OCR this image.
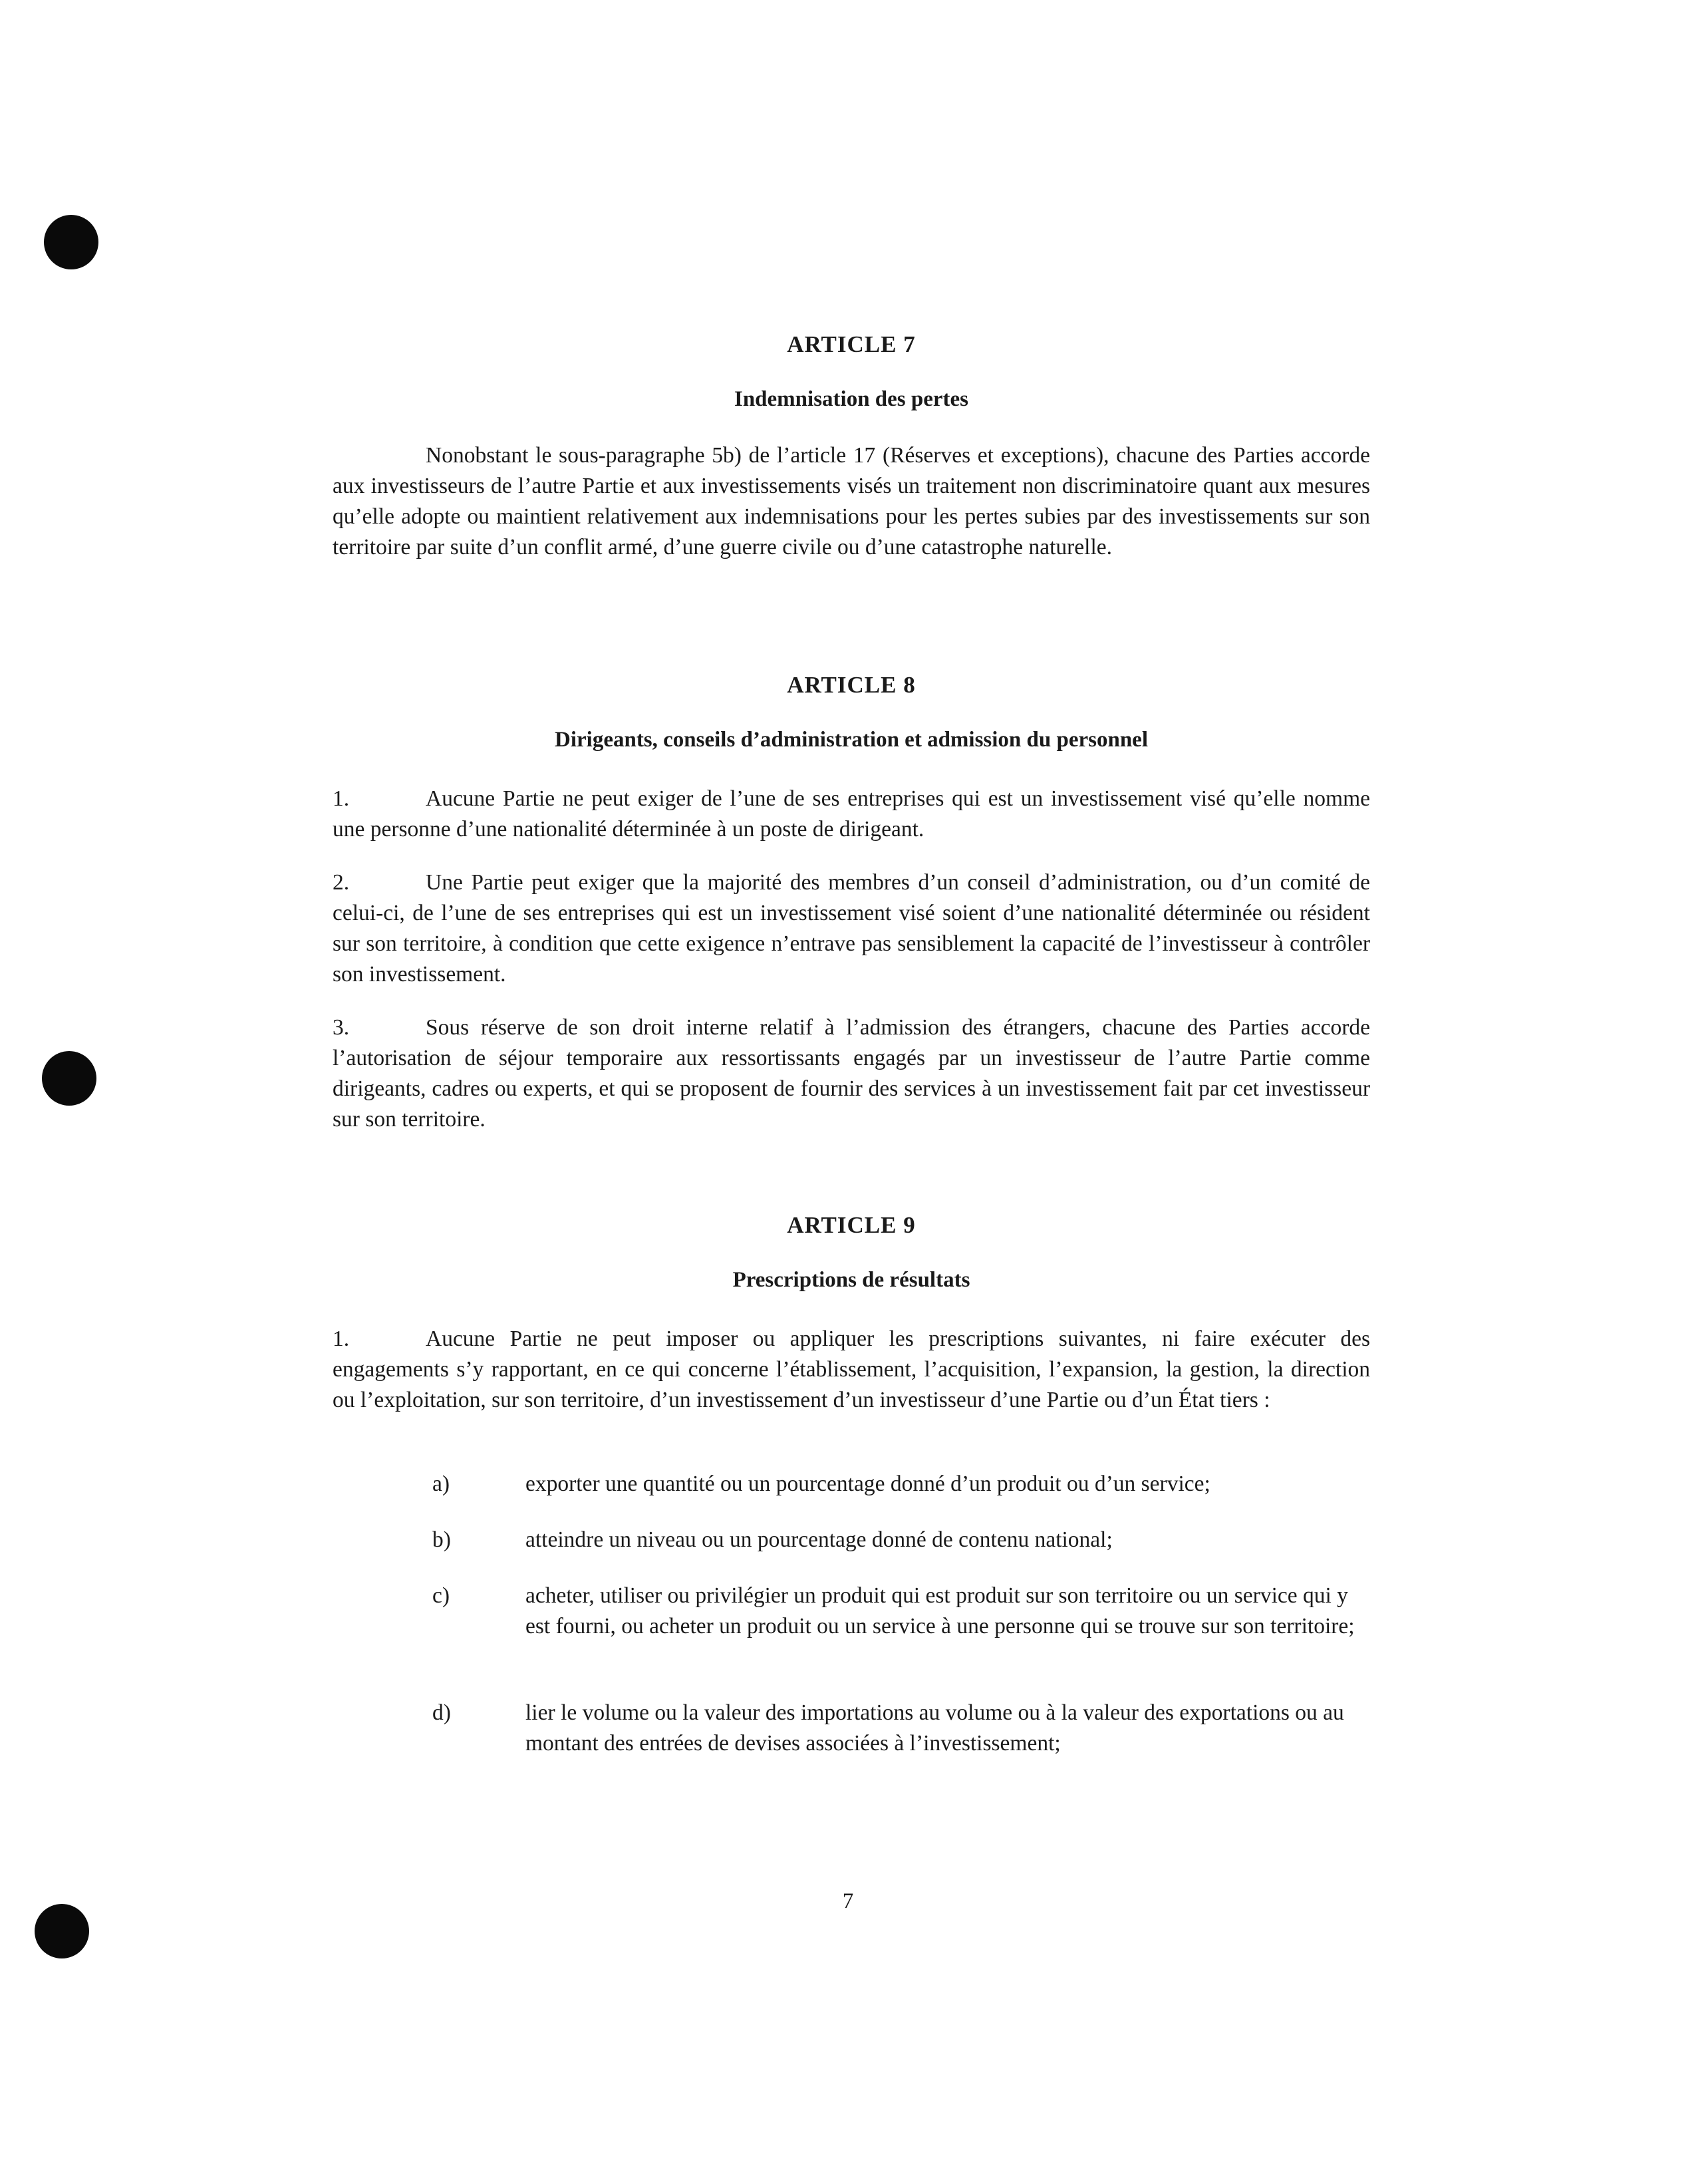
ARTICLE 7
Indemnisation des pertes
Nonobstant le sous-paragraphe 5b) de l’article 17 (Réserves et exceptions), chacune des Parties accorde aux investisseurs de l’autre Partie et aux investissements visés un traitement non discriminatoire quant aux mesures qu’elle adopte ou maintient relativement aux indemnisations pour les pertes subies par des investissements sur son territoire par suite d’un conflit armé, d’une guerre civile ou d’une catastrophe naturelle.
ARTICLE 8
Dirigeants, conseils d’administration et admission du personnel
1.	Aucune Partie ne peut exiger de l’une de ses entreprises qui est un investissement visé qu’elle nomme une personne d’une nationalité déterminée à un poste de dirigeant.
2.	Une Partie peut exiger que la majorité des membres d’un conseil d’administration, ou d’un comité de celui-ci, de l’une de ses entreprises qui est un investissement visé soient d’une nationalité déterminée ou résident sur son territoire, à condition que cette exigence n’entrave pas sensiblement la capacité de l’investisseur à contrôler son investissement.
3.	Sous réserve de son droit interne relatif à l’admission des étrangers, chacune des Parties accorde l’autorisation de séjour temporaire aux ressortissants engagés par un investisseur de l’autre Partie comme dirigeants, cadres ou experts, et qui se proposent de fournir des services à un investissement fait par cet investisseur sur son territoire.
ARTICLE 9
Prescriptions de résultats
1.	Aucune Partie ne peut imposer ou appliquer les prescriptions suivantes, ni faire exécuter des engagements s’y rapportant, en ce qui concerne l’établissement, l’acquisition, l’expansion, la gestion, la direction ou l’exploitation, sur son territoire, d’un investissement d’un investisseur d’une Partie ou d’un État tiers :
a)	exporter une quantité ou un pourcentage donné d’un produit ou d’un service;
b)	atteindre un niveau ou un pourcentage donné de contenu national;
c)	acheter, utiliser ou privilégier un produit qui est produit sur son territoire ou un service qui y est fourni, ou acheter un produit ou un service à une personne qui se trouve sur son territoire;
d)	lier le volume ou la valeur des importations au volume ou à la valeur des exportations ou au montant des entrées de devises associées à l’investissement;
7
